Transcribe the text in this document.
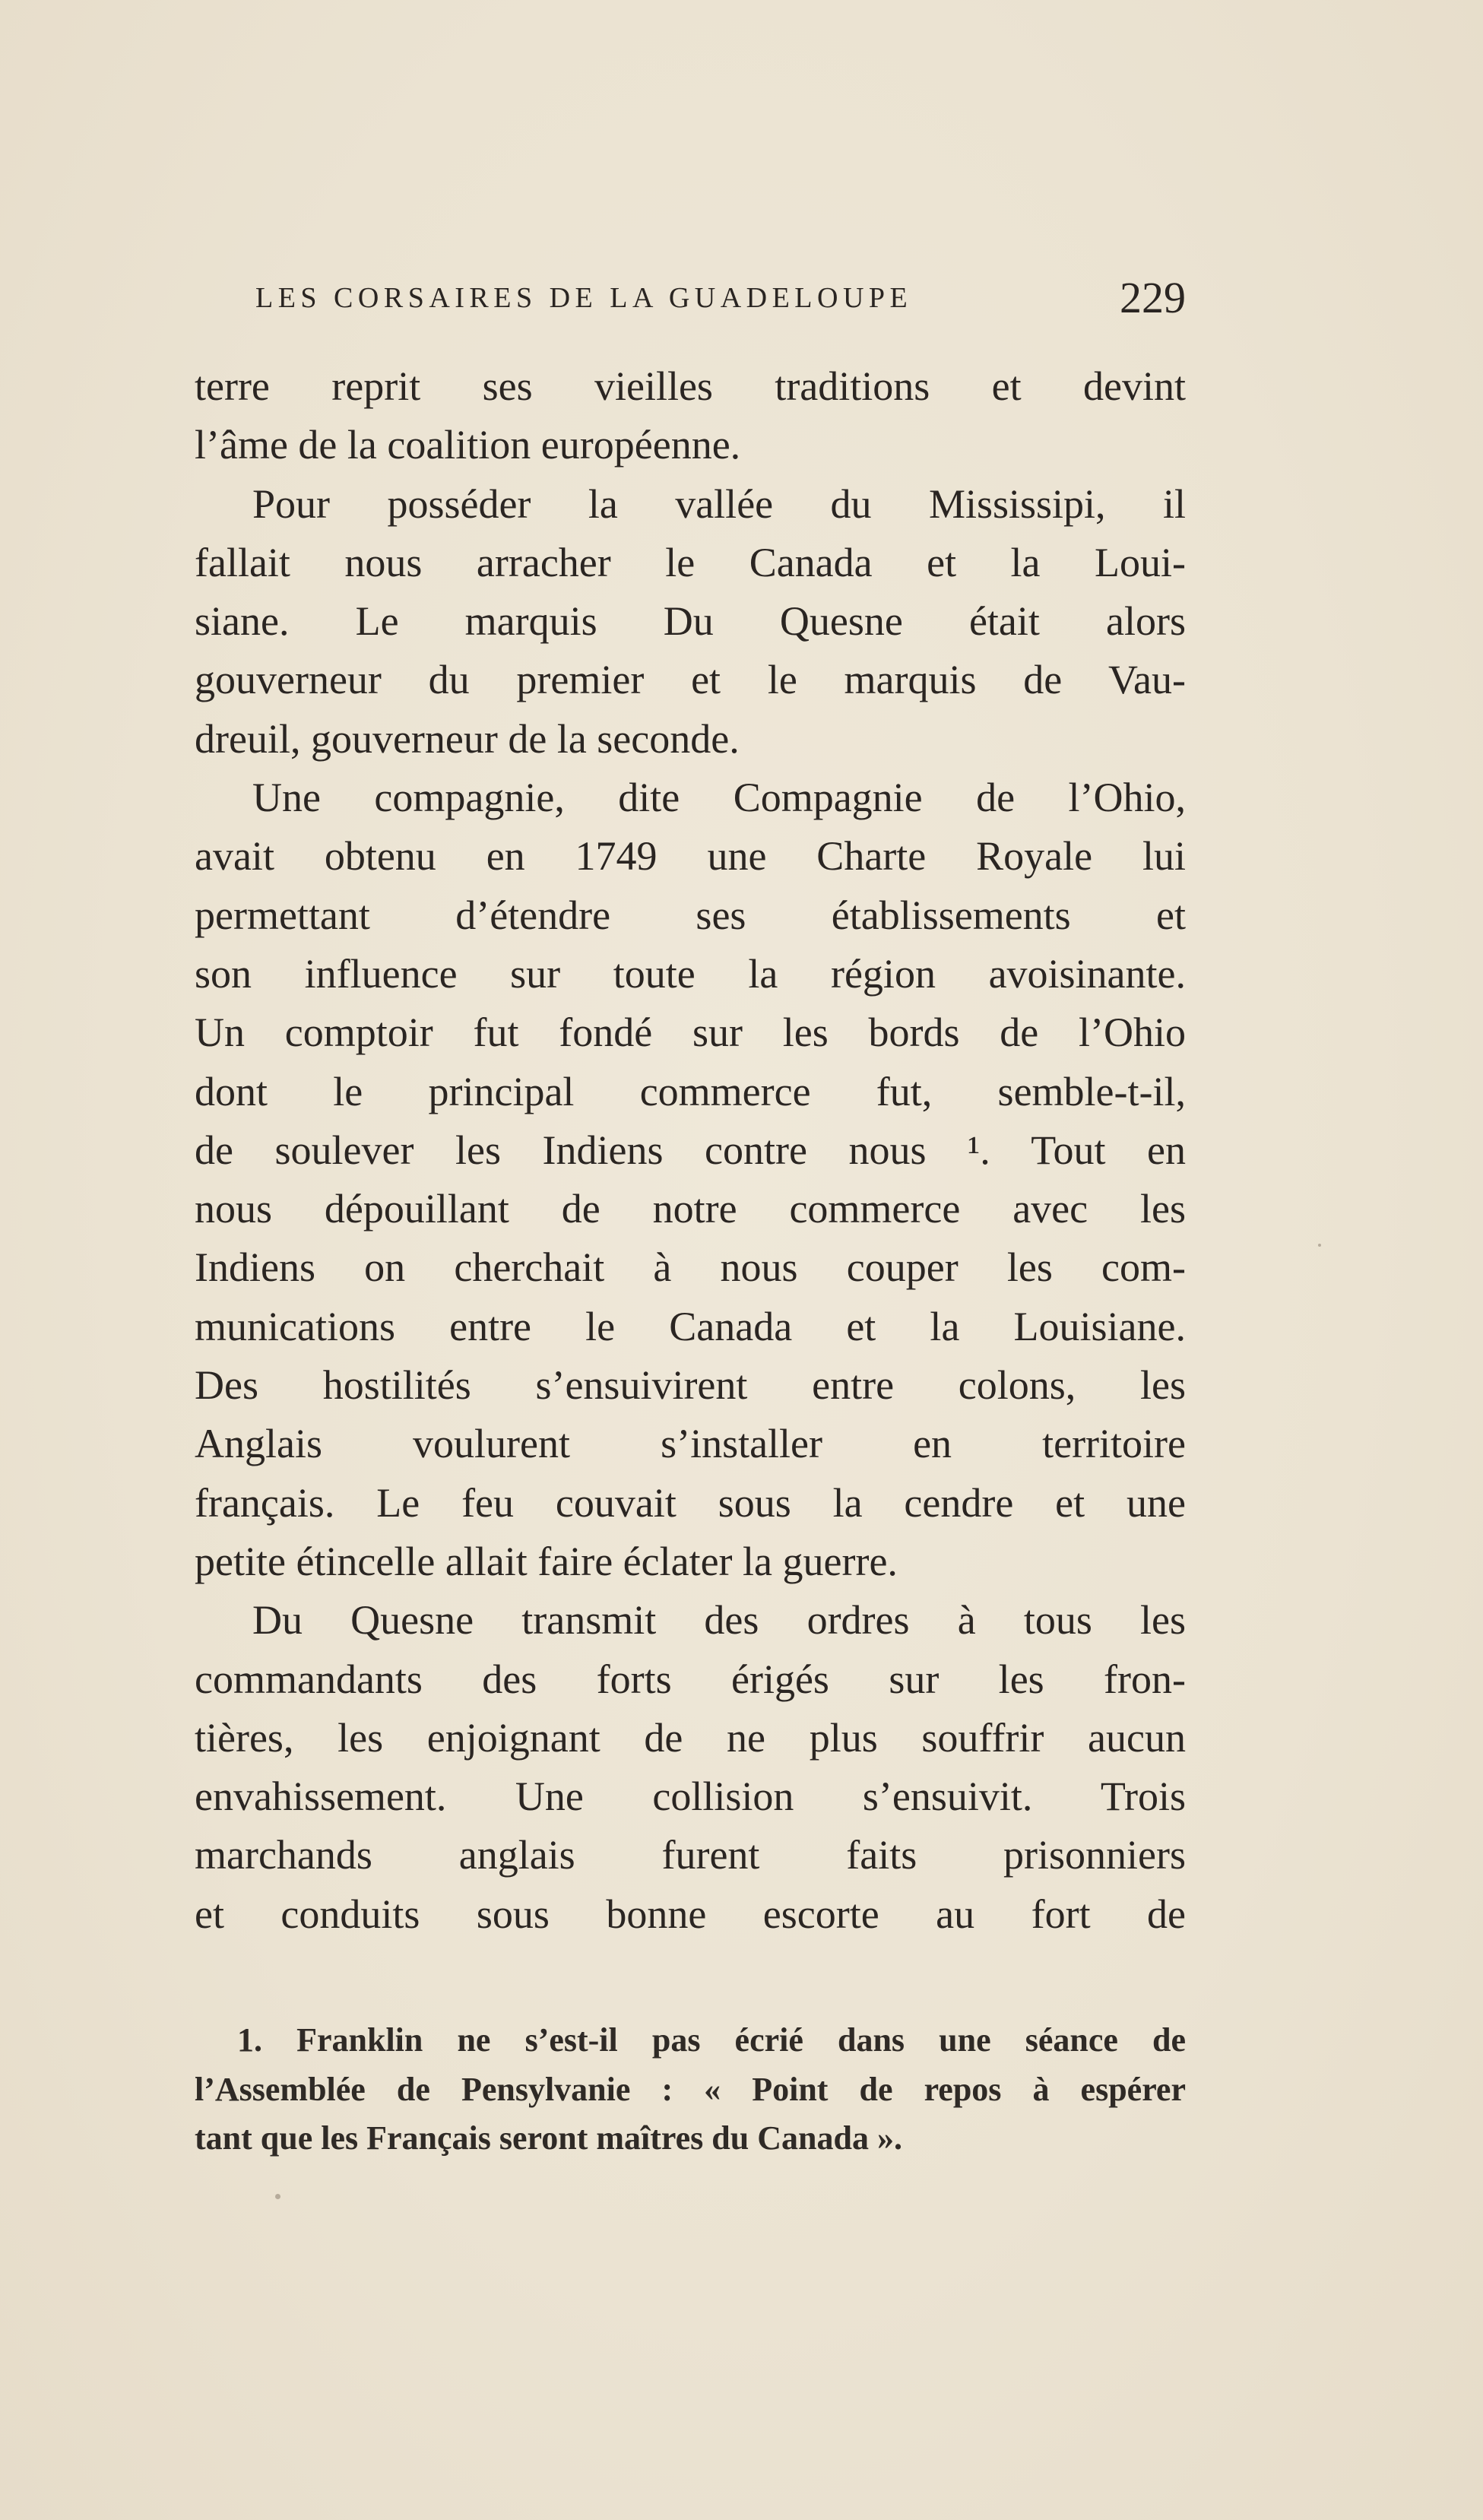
LES CORSAIRES DE LA GUADELOUPE	229
terre reprit ses vieilles traditions et devint
l’âme de la coalition européenne.
Pour posséder la vallée du Mississipi, il
fallait nous arracher le Canada et la Loui-
siane. Le marquis Du Quesne était alors
gouverneur du premier et le marquis de Vau-
dreuil, gouverneur de la seconde.
Une compagnie, dite Compagnie de l’Ohio,
avait obtenu en 1749 une Charte Royale lui
permettant d’étendre ses établissements et
son influence sur toute la région avoisinante.
Un comptoir fut fondé sur les bords de l’Ohio
dont le principal commerce fut, semble-t-il,
de soulever les Indiens contre nous ¹. Tout en
nous dépouillant de notre commerce avec les
Indiens on cherchait à nous couper les com-
munications entre le Canada et la Louisiane.
Des hostilités s’ensuivirent entre colons, les
Anglais voulurent s’installer en territoire
français. Le feu couvait sous la cendre et une
petite étincelle allait faire éclater la guerre.
Du Quesne transmit des ordres à tous les
commandants des forts érigés sur les fron-
tières, les enjoignant de ne plus souffrir aucun
envahissement. Une collision s’ensuivit. Trois
marchands anglais furent faits prisonniers
et conduits sous bonne escorte au fort de
1. Franklin ne s’est-il pas écrié dans une séance de
l’Assemblée de Pensylvanie : « Point de repos à espérer
tant que les Français seront maîtres du Canada ».
